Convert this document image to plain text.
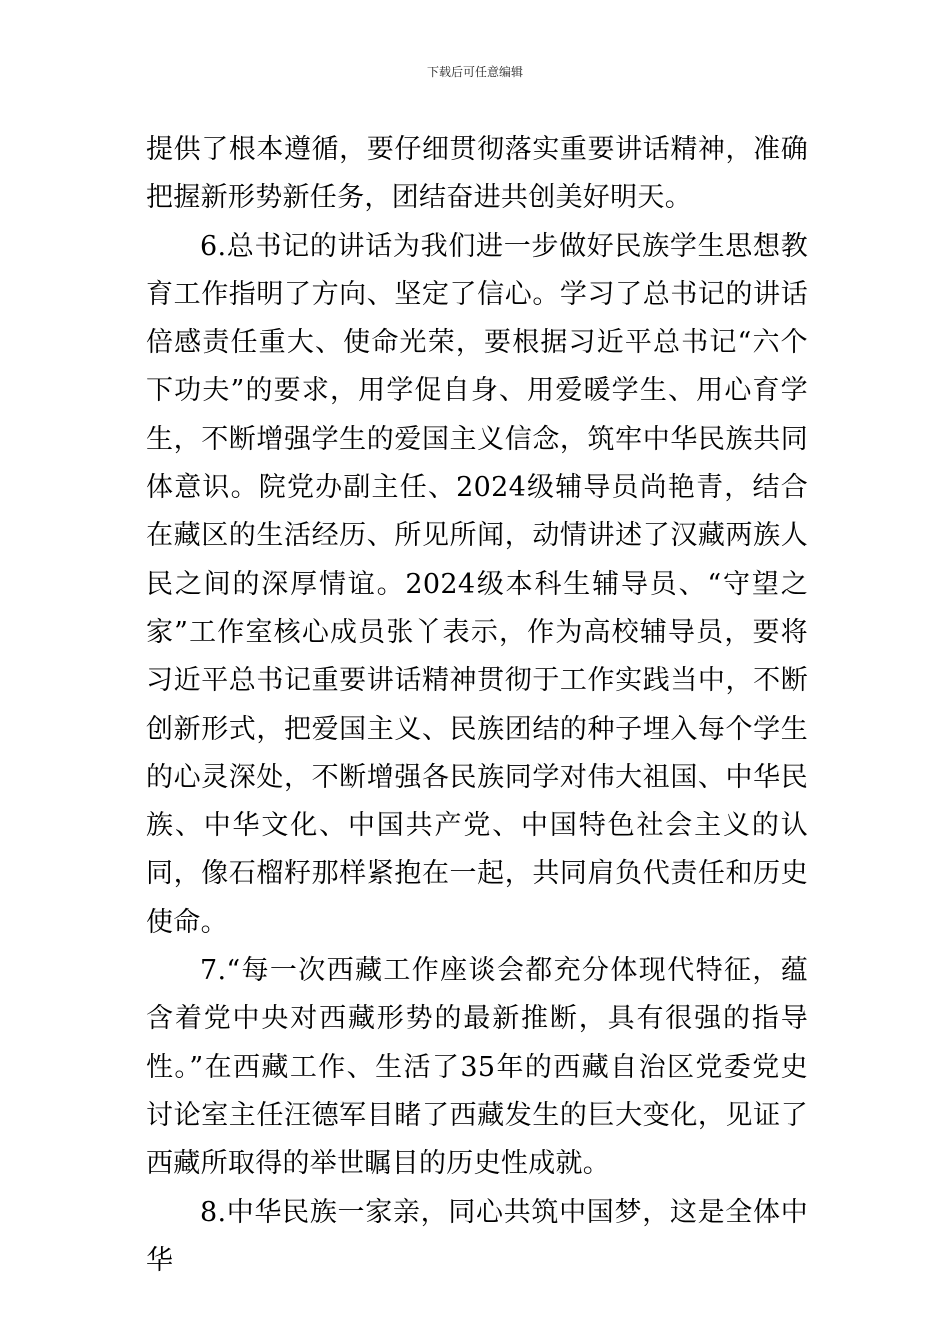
下载后可任意编辑

提供了根本遵循，要仔细贯彻落实重要讲话精神，准确把握新形势新任务，团结奋进共创美好明天。

6.总书记的讲话为我们进一步做好民族学生思想教育工作指明了方向、坚定了信心。学习了总书记的讲话倍感责任重大、使命光荣，要根据习近平总书记“六个下功夫”的要求，用学促自身、用爱暖学生、用心育学生，不断增强学生的爱国主义信念，筑牢中华民族共同体意识。院党办副主任、2024级辅导员尚艳青，结合在藏区的生活经历、所见所闻，动情讲述了汉藏两族人民之间的深厚情谊。2024级本科生辅导员、“守望之家”工作室核心成员张丫表示，作为高校辅导员，要将习近平总书记重要讲话精神贯彻于工作实践当中，不断创新形式，把爱国主义、民族团结的种子埋入每个学生的心灵深处，不断增强各民族同学对伟大祖国、中华民族、中华文化、中国共产党、中国特色社会主义的认同，像石榴籽那样紧抱在一起，共同肩负代责任和历史使命。

7.“每一次西藏工作座谈会都充分体现代特征，蕴含着党中央对西藏形势的最新推断，具有很强的指导性。”在西藏工作、生活了35年的西藏自治区党委党史讨论室主任汪德军目睹了西藏发生的巨大变化，见证了西藏所取得的举世瞩目的历史性成就。

8.中华民族一家亲，同心共筑中国梦，这是全体中华
